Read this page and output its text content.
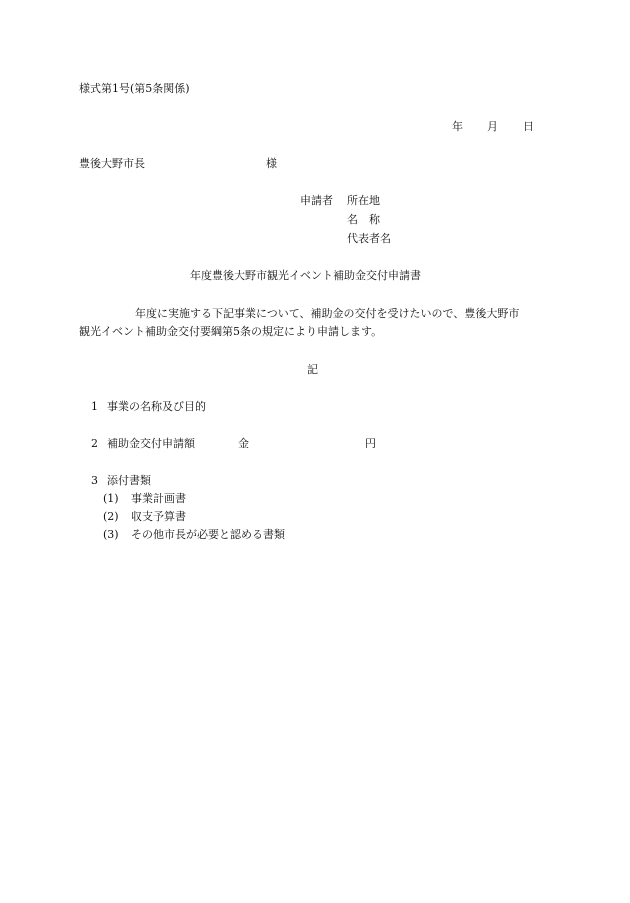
様式第1号(第5条関係)
年 月 日
豊後大野市長	様
申請者 所在地
名　称
代表者名
年度豊後大野市観光イベント補助金交付申請書
年度に実施する下記事業について、補助金の交付を受けたいので、豊後大野市
観光イベント補助金交付要綱第5条の規定により申請します。
記
1 事業の名称及び目的
2 補助金交付申請額	金	円
3 添付書類
(1) 事業計画書
(2) 収支予算書
(3) その他市長が必要と認める書類
